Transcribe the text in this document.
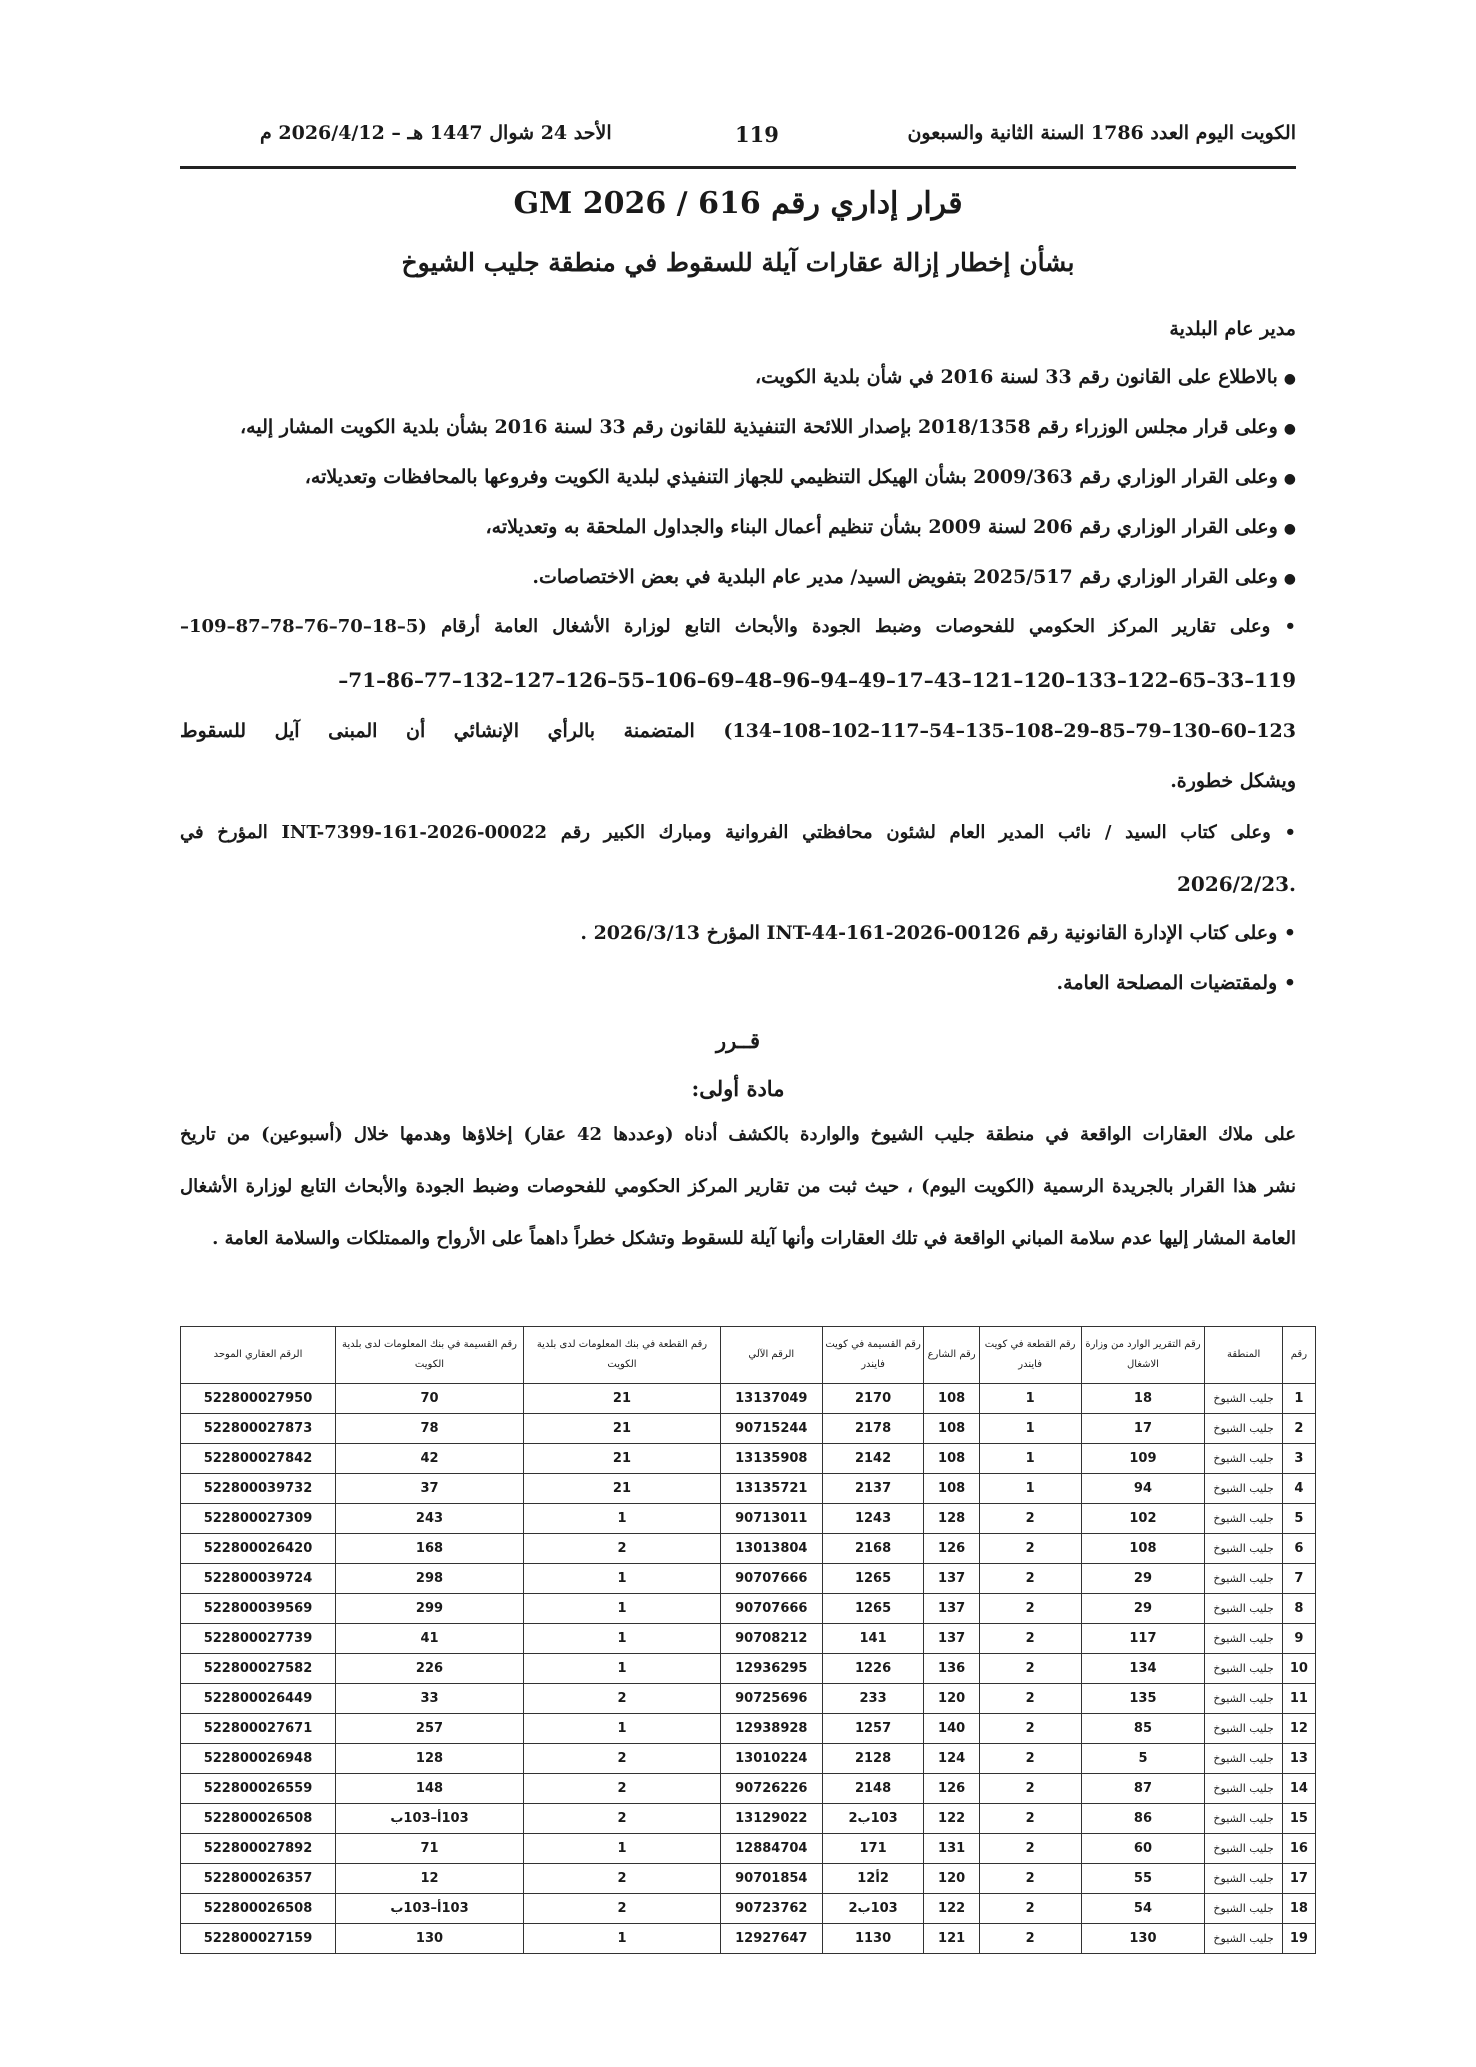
الكويت اليوم العدد 1786 السنة الثانية والسبعون
119
الأحد 24 شوال 1447 هـ – 2026/4/12 م
قرار إداري رقم 616 / 2026 GM
بشأن إخطار إزالة عقارات آيلة للسقوط في منطقة جليب الشيوخ
مدير عام البلدية
●بالاطلاع على القانون رقم 33 لسنة 2016 في شأن بلدية الكويت،
●وعلى قرار مجلس الوزراء رقم 2018/1358 بإصدار اللائحة التنفيذية للقانون رقم 33 لسنة 2016 بشأن بلدية الكويت المشار إليه،
●وعلى القرار الوزاري رقم 2009/363 بشأن الهيكل التنظيمي للجهاز التنفيذي لبلدية الكويت وفروعها بالمحافظات وتعديلاته،
●وعلى القرار الوزاري رقم 206 لسنة 2009 بشأن تنظيم أعمال البناء والجداول الملحقة به وتعديلاته،
●وعلى القرار الوزاري رقم 2025/517 بتفويض السيد/ مدير عام البلدية في بعض الاختصاصات.
• وعلى تقارير المركز الحكومي للفحوصات وضبط الجودة والأبحاث التابع لوزارة الأشغال العامة أرقام (5–18–70–76–78–87–109–
119–33–65–122–133–120–121–43–17–49–94–96–48–69–106–55–126–127–132–77–86–71–
123–60–130–79–85–29–108–135–54–117–102–108–134) المتضمنة بالرأي الإنشائي أن المبنى آيل للسقوط
ويشكل خطورة.
• وعلى كتاب السيد / نائب المدير العام لشئون محافظتي الفروانية ومبارك الكبير رقم INT-7399-161-2026-00022 المؤرخ في
.2026/2/23
• وعلى كتاب الإدارة القانونية رقم INT-44-161-2026-00126 المؤرخ 2026/3/13 .
• ولمقتضيات المصلحة العامة.
قــرر
مادة أولى:
على ملاك العقارات الواقعة في منطقة جليب الشيوخ والواردة بالكشف أدناه (وعددها 42 عقار) إخلاؤها وهدمها خلال (أسبوعين) من تاريخ
نشر هذا القرار بالجريدة الرسمية (الكويت اليوم) ، حيث ثبت من تقارير المركز الحكومي للفحوصات وضبط الجودة والأبحاث التابع لوزارة الأشغال
العامة المشار إليها عدم سلامة المباني الواقعة في تلك العقارات وأنها آيلة للسقوط وتشكل خطراً داهماً على الأرواح والممتلكات والسلامة العامة .
رقم	المنطقة	رقم التقرير الوارد من وزارة الاشغال	رقم القطعة في كويت فايندر	رقم الشارع	رقم القسيمة في كويت فايندر	الرقم الآلي	رقم القطعة في بنك المعلومات لدى بلدية الكويت	رقم القسيمة في بنك المعلومات لدى بلدية الكويت	الرقم العقاري الموحد
1	جليب الشيوخ	18	1	108	2170	13137049	21	70	522800027950
2	جليب الشيوخ	17	1	108	2178	90715244	21	78	522800027873
3	جليب الشيوخ	109	1	108	2142	13135908	21	42	522800027842
4	جليب الشيوخ	94	1	108	2137	13135721	21	37	522800039732
5	جليب الشيوخ	102	2	128	1243	90713011	1	243	522800027309
6	جليب الشيوخ	108	2	126	2168	13013804	2	168	522800026420
7	جليب الشيوخ	29	2	137	1265	90707666	1	298	522800039724
8	جليب الشيوخ	29	2	137	1265	90707666	1	299	522800039569
9	جليب الشيوخ	117	2	137	141	90708212	1	41	522800027739
10	جليب الشيوخ	134	2	136	1226	12936295	1	226	522800027582
11	جليب الشيوخ	135	2	120	233	90725696	2	33	522800026449
12	جليب الشيوخ	85	2	140	1257	12938928	1	257	522800027671
13	جليب الشيوخ	5	2	124	2128	13010224	2	128	522800026948
14	جليب الشيوخ	87	2	126	2148	90726226	2	148	522800026559
15	جليب الشيوخ	86	2	122	103ب2	13129022	2	103أ–103ب	522800026508
16	جليب الشيوخ	60	2	131	171	12884704	1	71	522800027892
17	جليب الشيوخ	55	2	120	2أ12	90701854	2	12	522800026357
18	جليب الشيوخ	54	2	122	103ب2	90723762	2	103أ–103ب	522800026508
19	جليب الشيوخ	130	2	121	1130	12927647	1	130	522800027159
